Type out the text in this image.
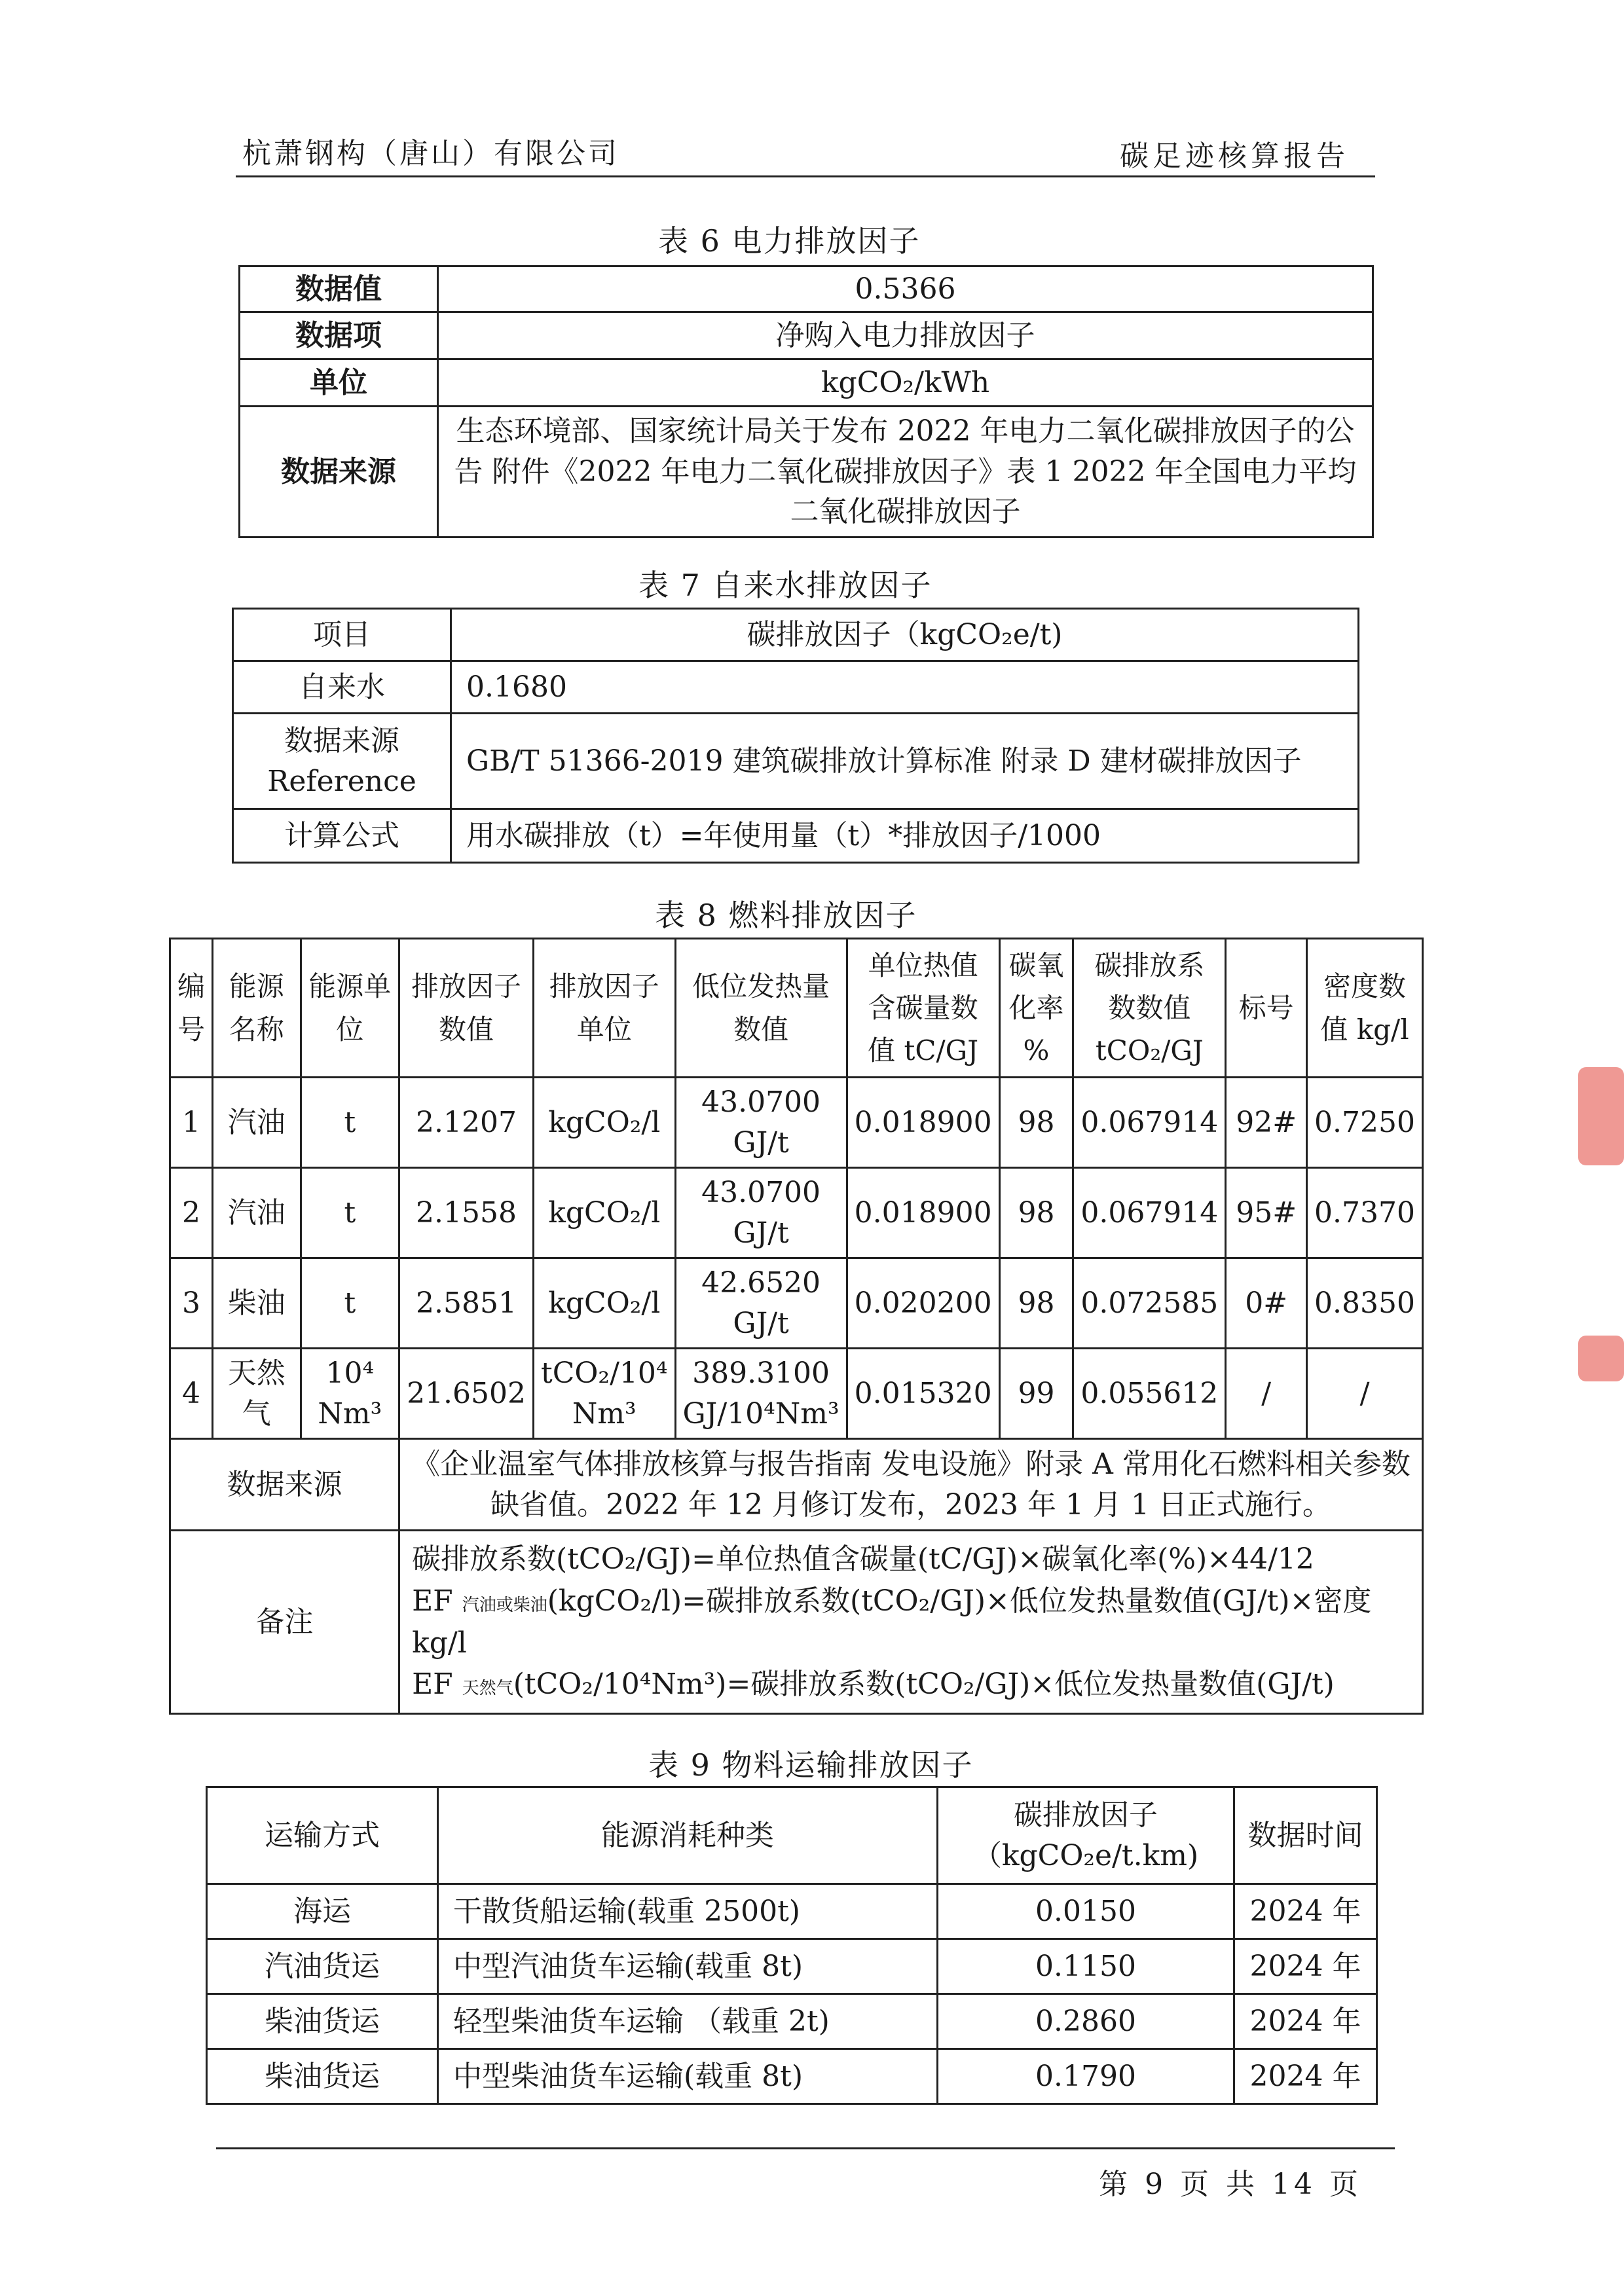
杭萧钢构（唐山）有限公司	碳足迹核算报告
表 6 电力排放因子
数据值	0.5366
数据项	净购入电力排放因子
单位	kgCO₂/kWh
数据来源	生态环境部、国家统计局关于发布 2022 年电力二氧化碳排放因子的公告 附件《2022 年电力二氧化碳排放因子》表 1 2022 年全国电力平均二氧化碳排放因子
表 7 自来水排放因子
项目	碳排放因子（kgCO₂e/t)
自来水	0.1680
数据来源 Reference	GB/T 51366-2019 建筑碳排放计算标准 附录 D 建材碳排放因子
计算公式	用水碳排放（t）=年使用量（t）*排放因子/1000
表 8 燃料排放因子
编号	能源名称	能源单位	排放因子数值	排放因子单位	低位发热量数值	单位热值含碳量数值 tC/GJ	碳氧化率 %	碳排放系数数值 tCO₂/GJ	标号	密度数值 kg/l
1	汽油	t	2.1207	kgCO₂/l	43.0700 GJ/t	0.018900	98	0.067914	92#	0.7250
2	汽油	t	2.1558	kgCO₂/l	43.0700 GJ/t	0.018900	98	0.067914	95#	0.7370
3	柴油	t	2.5851	kgCO₂/l	42.6520 GJ/t	0.020200	98	0.072585	0#	0.8350
4	天然气	10⁴ Nm³	21.6502	tCO₂/10⁴ Nm³	389.3100 GJ/10⁴Nm³	0.015320	99	0.055612	/	/
数据来源			《企业温室气体排放核算与报告指南 发电设施》附录 A 常用化石燃料相关参数缺省值。2022 年 12 月修订发布，2023 年 1 月 1 日正式施行。							
备注			碳排放系数(tCO₂/GJ)=单位热值含碳量(tC/GJ)×碳氧化率(%)×44/12
EF 汽油或柴油(kgCO₂/l)=碳排放系数(tCO₂/GJ)×低位发热量数值(GJ/t)×密度 kg/l
EF 天然气(tCO₂/10⁴Nm³)=碳排放系数(tCO₂/GJ)×低位发热量数值(GJ/t)							
表 9 物料运输排放因子
运输方式	能源消耗种类	碳排放因子（kgCO₂e/t.km)	数据时间
海运	干散货船运输(载重 2500t)	0.0150	2024 年
汽油货运	中型汽油货车运输(载重 8t)	0.1150	2024 年
柴油货运	轻型柴油货车运输 （载重 2t)	0.2860	2024 年
柴油货运	中型柴油货车运输(载重 8t)	0.1790	2024 年
第 9 页 共 14 页
